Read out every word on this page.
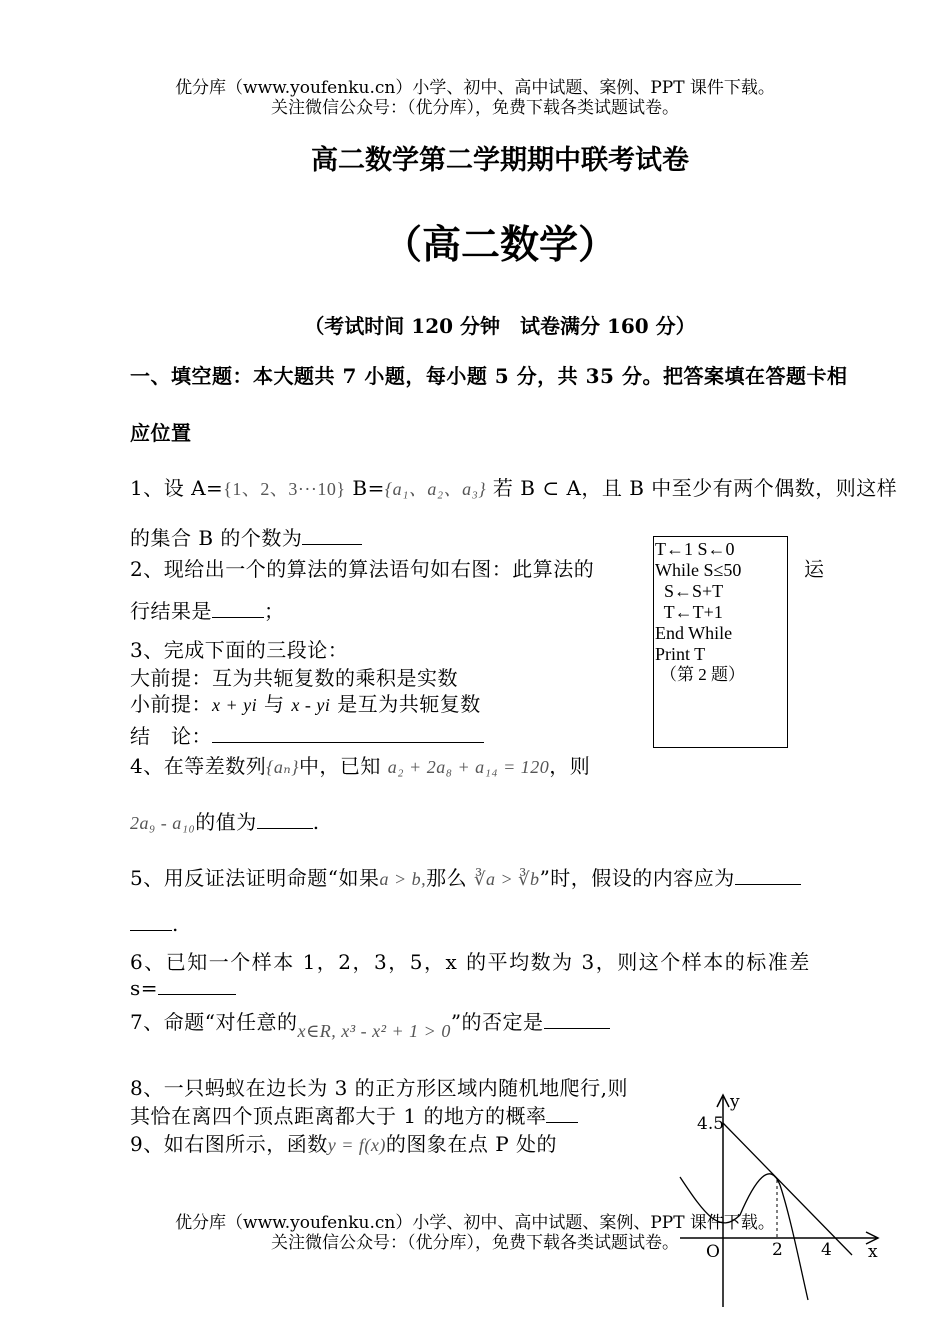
优分库（www.youfenku.cn）小学、初中、高中试题、案例、PPT 课件下载。
关注微信公众号：（优分库），免费下载各类试题试卷。
高二数学第二学期期中联考试卷
（高二数学）
（考试时间 120 分钟　试卷满分 160 分）
一、填空题：本大题共 7 小题，每小题 5 分，共 35 分。把答案填在答题卡相
应位置
1、设 A={1、2、3···10} B={a₁、a₂、a₃} 若 B ⊂ A，且 B 中至少有两个偶数，则这样
的集合 B 的个数为
2、现给出一个的算法的算法语句如右图：此算法的	运
行结果是	；
T←1 S←0
While S≤50
S←S+T
T←T+1
End While
Print T
（第 2 题）
3、完成下面的三段论：
大前提：互为共轭复数的乘积是实数
小前提：x + yi 与 x - yi 是互为共轭复数
结　论：
4、在等差数列{aₙ}中，已知 a₂ + 2a₈ + a₁₄ = 120，则
2a₉ - a₁₀的值为	.
5、用反证法证明命题“如果a > b,那么 ∛a > ∛b”时，假设的内容应为
.
6、已知一个样本 1，2，3，5，x 的平均数为 3，则这个样本的标准差
s=
7、命题“对任意的x∈R, x³ - x² + 1 > 0”的否定是
8、一只蚂蚁在边长为 3 的正方形区域内随机地爬行,则
其恰在离四个顶点距离都大于 1 的地方的概率
9、如右图所示，函数y = f(x)的图象在点 P 处的
y
4.5
x
O	2 4
优分库（www.youfenku.cn）小学、初中、高中试题、案例、PPT 课件下载。
关注微信公众号：（优分库），免费下载各类试题试卷。
